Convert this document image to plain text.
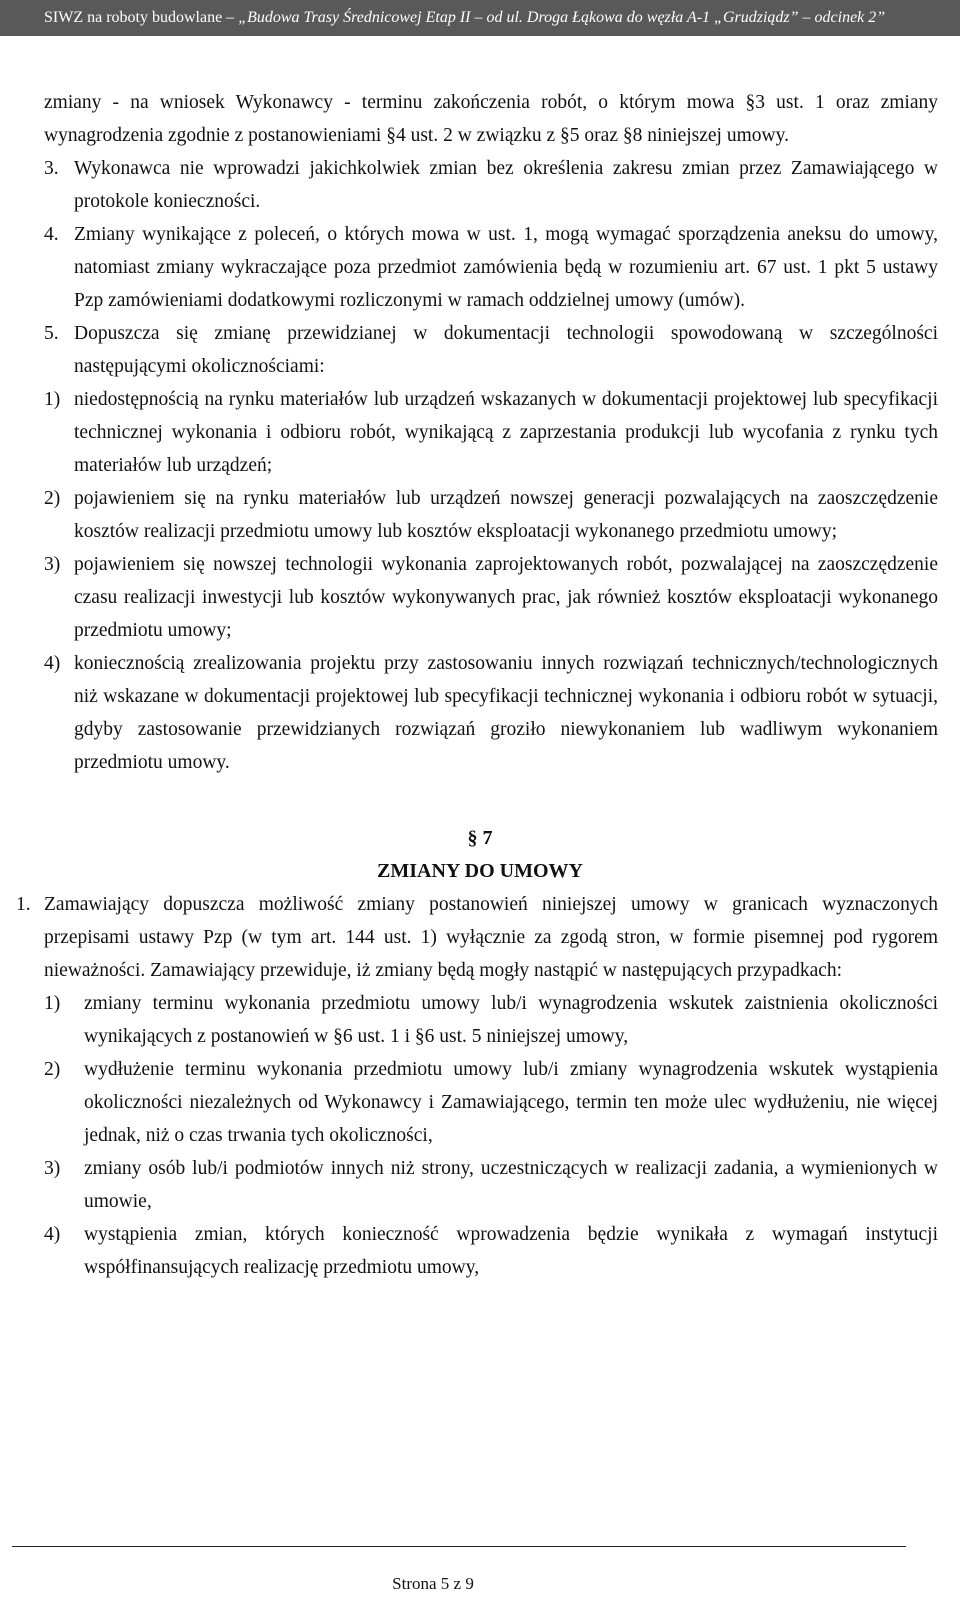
SIWZ na roboty budowlane – „Budowa Trasy Średnicowej Etap II – od ul. Droga Łąkowa do węzła A-1 „Grudziądz” – odcinek 2”
zmiany - na wniosek Wykonawcy - terminu zakończenia robót, o którym mowa §3 ust. 1 oraz zmiany wynagrodzenia zgodnie z postanowieniami §4 ust. 2 w związku z §5 oraz §8 niniejszej umowy.
3. Wykonawca nie wprowadzi jakichkolwiek zmian bez określenia zakresu zmian przez Zamawiającego w protokole konieczności.
4. Zmiany wynikające z poleceń, o których mowa w ust. 1, mogą wymagać sporządzenia aneksu do umowy, natomiast zmiany wykraczające poza przedmiot zamówienia będą w rozumieniu art. 67 ust. 1 pkt 5 ustawy Pzp zamówieniami dodatkowymi rozliczonymi w ramach oddzielnej umowy (umów).
5. Dopuszcza się zmianę przewidzianej w dokumentacji technologii spowodowaną w szczególności następującymi okolicznościami:
1) niedostępnością na rynku materiałów lub urządzeń wskazanych w dokumentacji projektowej lub specyfikacji technicznej wykonania i odbioru robót, wynikającą z zaprzestania produkcji lub wycofania z rynku tych materiałów lub urządzeń;
2) pojawieniem się na rynku materiałów lub urządzeń nowszej generacji pozwalających na zaoszczędzenie kosztów realizacji przedmiotu umowy lub kosztów eksploatacji wykonanego przedmiotu umowy;
3) pojawieniem się nowszej technologii wykonania zaprojektowanych robót, pozwalającej na zaoszczędzenie czasu realizacji inwestycji lub kosztów wykonywanych prac, jak również kosztów eksploatacji wykonanego przedmiotu umowy;
4) koniecznością zrealizowania projektu przy zastosowaniu innych rozwiązań technicznych/technologicznych niż wskazane w dokumentacji projektowej lub specyfikacji technicznej wykonania i odbioru robót w sytuacji, gdyby zastosowanie przewidzianych rozwiązań groziło niewykonaniem lub wadliwym wykonaniem przedmiotu umowy.
§ 7
ZMIANY DO UMOWY
1. Zamawiający dopuszcza możliwość zmiany postanowień niniejszej umowy w granicach wyznaczonych przepisami ustawy Pzp (w tym art. 144 ust. 1) wyłącznie za zgodą stron, w formie pisemnej pod rygorem nieważności. Zamawiający przewiduje, iż zmiany będą mogły nastąpić w następujących przypadkach:
1) zmiany terminu wykonania przedmiotu umowy lub/i wynagrodzenia wskutek zaistnienia okoliczności wynikających z postanowień w §6 ust. 1 i §6 ust. 5 niniejszej umowy,
2) wydłużenie terminu wykonania przedmiotu umowy lub/i zmiany wynagrodzenia wskutek wystąpienia okoliczności niezależnych od Wykonawcy i Zamawiającego, termin ten może ulec wydłużeniu, nie więcej jednak, niż o czas trwania tych okoliczności,
3) zmiany osób lub/i podmiotów innych niż strony, uczestniczących w realizacji zadania, a wymienionych w umowie,
4) wystąpienia zmian, których konieczność wprowadzenia będzie wynikała z wymagań instytucji współfinansujących realizację przedmiotu umowy,
Strona 5 z 9
